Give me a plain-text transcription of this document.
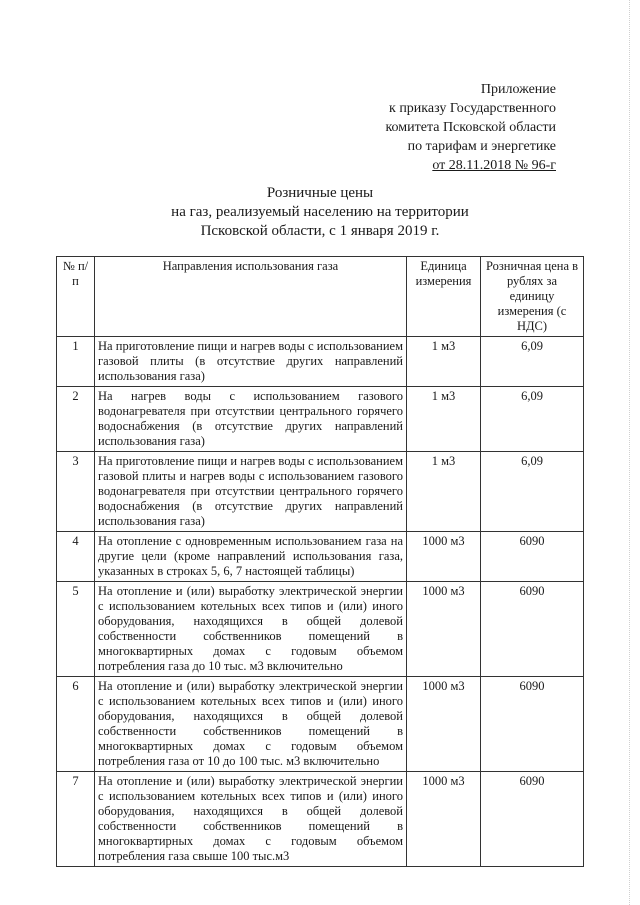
Приложение
к приказу Государственного
комитета Псковской области
по тарифам и энергетике
от 28.11.2018 № 96-г
Розничные цены
на газ, реализуемый населению на территории
Псковской области, с 1 января 2019 г.
№ п/п	Направления использования газа	Единица измерения	Розничная цена в рублях за единицу измерения (с НДС)
1	На приготовление пищи и нагрев воды с использованием газовой плиты (в отсутствие других направлений использования газа)	1 м3	6,09
2	На нагрев воды с использованием газового водонагревателя при отсутствии центрального горячего водоснабжения (в отсутствие других направлений использования газа)	1 м3	6,09
3	На приготовление пищи и нагрев воды с использованием газовой плиты и нагрев воды с использованием газового водонагревателя при отсутствии центрального горячего водоснабжения (в отсутствие других направлений использования газа)	1 м3	6,09
4	На отопление с одновременным использованием газа на другие цели (кроме направлений использования газа, указанных в строках 5, 6, 7 настоящей таблицы)	1000 м3	6090
5	На отопление и (или) выработку электрической энергии с использованием котельных всех типов и (или) иного оборудования, находящихся в общей долевой собственности собственников помещений в многоквартирных домах с годовым объемом потребления газа до 10 тыс. м3 включительно	1000 м3	6090
6	На отопление и (или) выработку электрической энергии с использованием котельных всех типов и (или) иного оборудования, находящихся в общей долевой собственности собственников помещений в многоквартирных домах с годовым объемом потребления газа от 10 до 100 тыс. м3 включительно	1000 м3	6090
7	На отопление и (или) выработку электрической энергии с использованием котельных всех типов и (или) иного оборудования, находящихся в общей долевой собственности собственников помещений в многоквартирных домах с годовым объемом потребления газа свыше 100 тыс.м3	1000 м3	6090
